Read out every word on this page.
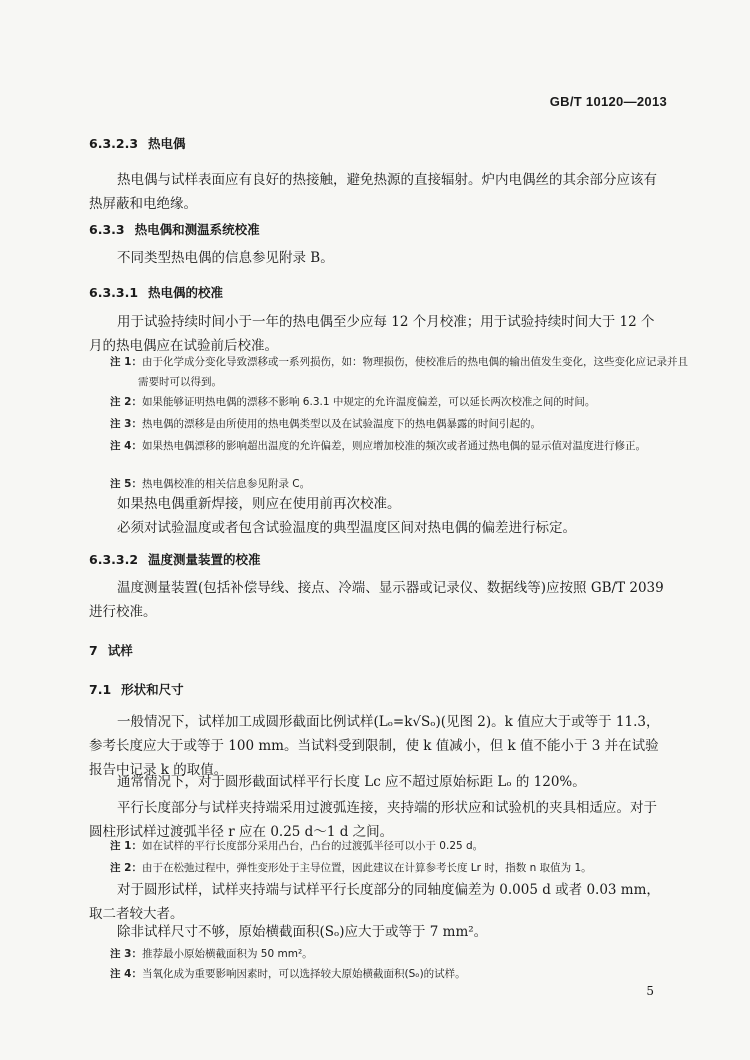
GB/T 10120—2013
6.3.2.3 热电偶
热电偶与试样表面应有良好的热接触，避免热源的直接辐射。炉内电偶丝的其余部分应该有热屏蔽和电绝缘。
6.3.3 热电偶和测温系统校准
不同类型热电偶的信息参见附录 B。
6.3.3.1 热电偶的校准
用于试验持续时间小于一年的热电偶至少应每 12 个月校准；用于试验持续时间大于 12 个月的热电偶应在试验前后校准。
注 1：由于化学成分变化导致漂移或一系列损伤，如：物理损伤，使校准后的热电偶的输出值发生变化，这些变化应记录并且需要时可以得到。
注 2：如果能够证明热电偶的漂移不影响 6.3.1 中规定的允许温度偏差，可以延长两次校准之间的时间。
注 3：热电偶的漂移是由所使用的热电偶类型以及在试验温度下的热电偶暴露的时间引起的。
注 4：如果热电偶漂移的影响超出温度的允许偏差，则应增加校准的频次或者通过热电偶的显示值对温度进行修正。
注 5：热电偶校准的相关信息参见附录 C。
如果热电偶重新焊接，则应在使用前再次校准。
必须对试验温度或者包含试验温度的典型温度区间对热电偶的偏差进行标定。
6.3.3.2 温度测量装置的校准
温度测量装置(包括补偿导线、接点、冷端、显示器或记录仪、数据线等)应按照 GB/T 2039 进行校准。
7 试样
7.1 形状和尺寸
一般情况下，试样加工成圆形截面比例试样(Lₒ=k√Sₒ)(见图 2)。k 值应大于或等于 11.3，参考长度应大于或等于 100 mm。当试料受到限制，使 k 值减小，但 k 值不能小于 3 并在试验报告中记录 k 的取值。
通常情况下，对于圆形截面试样平行长度 Lc 应不超过原始标距 Lₒ 的 120%。
平行长度部分与试样夹持端采用过渡弧连接，夹持端的形状应和试验机的夹具相适应。对于圆柱形试样过渡弧半径 r 应在 0.25 d～1 d 之间。
注 1：如在试样的平行长度部分采用凸台，凸台的过渡弧半径可以小于 0.25 d。
注 2：由于在松弛过程中，弹性变形处于主导位置，因此建议在计算参考长度 Lr 时，指数 n 取值为 1。
对于圆形试样，试样夹持端与试样平行长度部分的同轴度偏差为 0.005 d 或者 0.03 mm，取二者较大者。
除非试样尺寸不够，原始横截面积(Sₒ)应大于或等于 7 mm²。
注 3：推荐最小原始横截面积为 50 mm²。
注 4：当氧化成为重要影响因素时，可以选择较大原始横截面积(Sₒ)的试样。
5
